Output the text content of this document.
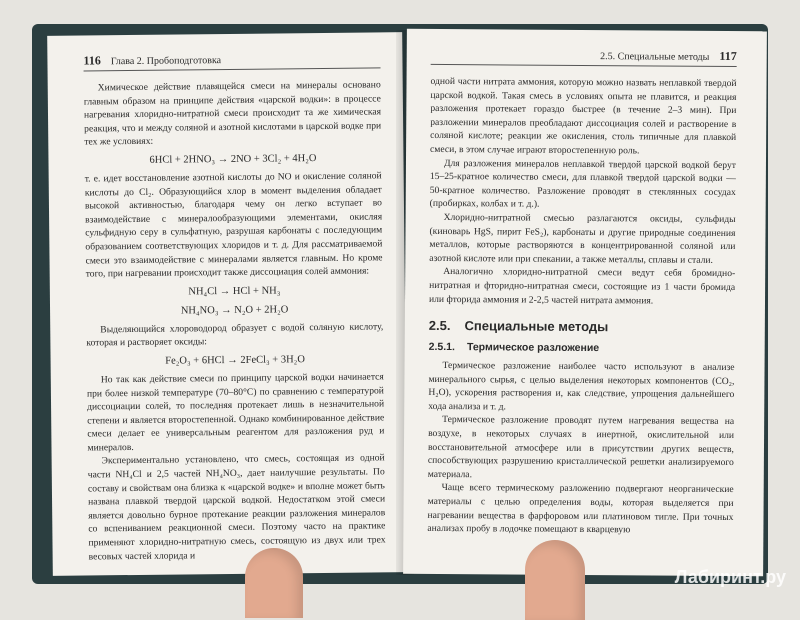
116 Глава 2. Пробоподготовка

Химическое действие плавящейся смеси на минералы основано главным образом на принципе действия «царской водки»: в процессе нагревания хлоридно-нитратной смеси происходит та же химическая реакция, что и между соляной и азотной кислотами в царской водке при тех же условиях:

6HCl + 2HNO₃ → 2NO + 3Cl₂ + 4H₂O

т. е. идет восстановление азотной кислоты до NO и окисление соляной кислоты до Cl₂. Образующийся хлор в момент выделения обладает высокой активностью, благодаря чему он легко вступает во взаимодействие с минералообразующими элементами, окисляя сульфидную серу в сульфатную, разрушая карбонаты с последующим образованием соответствующих хлоридов и т. д. Для рассматриваемой смеси это взаимодействие с минералами является главным. Но кроме того, при нагревании происходит также диссоциация солей аммония:

NH₄Cl → HCl + NH₃
NH₄NO₃ → N₂O + 2H₂O

Выделяющийся хлороводород образует с водой соляную кислоту, которая и растворяет оксиды:

Fe₂O₃ + 6HCl → 2FeCl₃ + 3H₂O

Но так как действие смеси по принципу царской водки начинается при более низкой температуре (70–80°С) по сравнению с температурой диссоциации солей, то последняя протекает лишь в незначительной степени и является второстепенной. Однако комбинированное действие смеси делает ее универсальным реагентом для разложения руд и минералов.

Экспериментально установлено, что смесь, состоящая из одной части NH₄Cl и 2,5 частей NH₄NO₃, дает наилучшие результаты. По составу и свойствам она близка к «царской водке» и вполне может быть названа плавкой твердой царской водкой. Недостатком этой смеси является довольно бурное протекание реакции разложения минералов со вспениванием реакционной смеси. Поэтому часто на практике применяют хлоридно-нитратную смесь, состоящую из двух или трех весовых частей хлорида и

2.5. Специальные методы 117

одной части нитрата аммония, которую можно назвать неплавкой твердой царской водкой. Такая смесь в условиях опыта не плавится, и реакция разложения протекает гораздо быстрее (в течение 2–3 мин). При разложении минералов преобладают диссоциация солей и растворение в соляной кислоте; реакции же окисления, столь типичные для плавкой смеси, в этом случае играют второстепенную роль.

Для разложения минералов неплавкой твердой царской водкой берут 15–25-кратное количество смеси, для плавкой твердой царской водки — 50-кратное количество. Разложение проводят в стеклянных сосудах (пробирках, колбах и т. д.).

Хлоридно-нитратной смесью разлагаются оксиды, сульфиды (киноварь HgS, пирит FeS₂), карбонаты и другие природные соединения металлов, которые растворяются в концентрированной соляной или азотной кислоте или при спекании, а также металлы, сплавы и стали.

Аналогично хлоридно-нитратной смеси ведут себя бромидно-нитратная и фторидно-нитратная смеси, состоящие из 1 части бромида или фторида аммония и 2-2,5 частей нитрата аммония.

2.5. Специальные методы
2.5.1. Термическое разложение

Термическое разложение наиболее часто используют в анализе минерального сырья, с целью выделения некоторых компонентов (CO₂, H₂O), ускорения растворения и, как следствие, упрощения дальнейшего хода анализа и т. д.

Термическое разложение проводят путем нагревания вещества на воздухе, в некоторых случаях в инертной, окислительной или восстановительной атмосфере или в присутствии других веществ, способствующих разрушению кристаллической решетки анализируемого материала.

Чаще всего термическому разложению подвергают неорганические материалы с целью определения воды, которая выделяется при нагревании вещества в фарфоровом или платиновом тигле. При точных анализах пробу в лодочке помещают в кварцевую

Лабиринт.ру
